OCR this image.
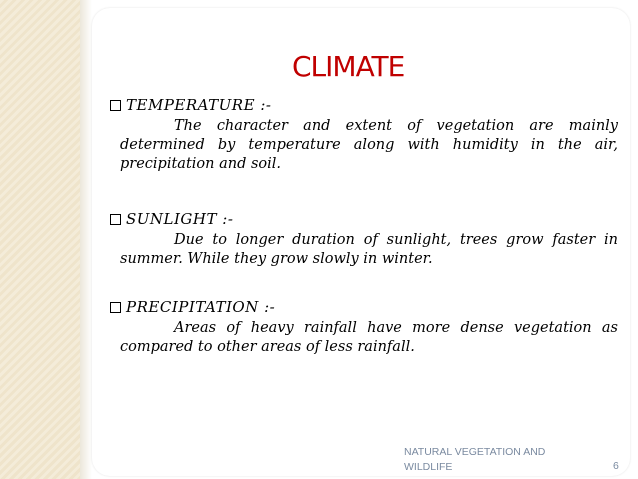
CLIMATE
TEMPERATURE :-
The character and extent of vegetation are mainly determined by temperature along with humidity in the air, precipitation and soil.
SUNLIGHT :-
Due to longer duration of sunlight, trees grow faster in summer. While they grow slowly in winter.
PRECIPITATION :-
Areas of heavy rainfall have more dense vegetation as compared to other areas of less rainfall.
NATURAL VEGETATION AND WILDLIFE	6
